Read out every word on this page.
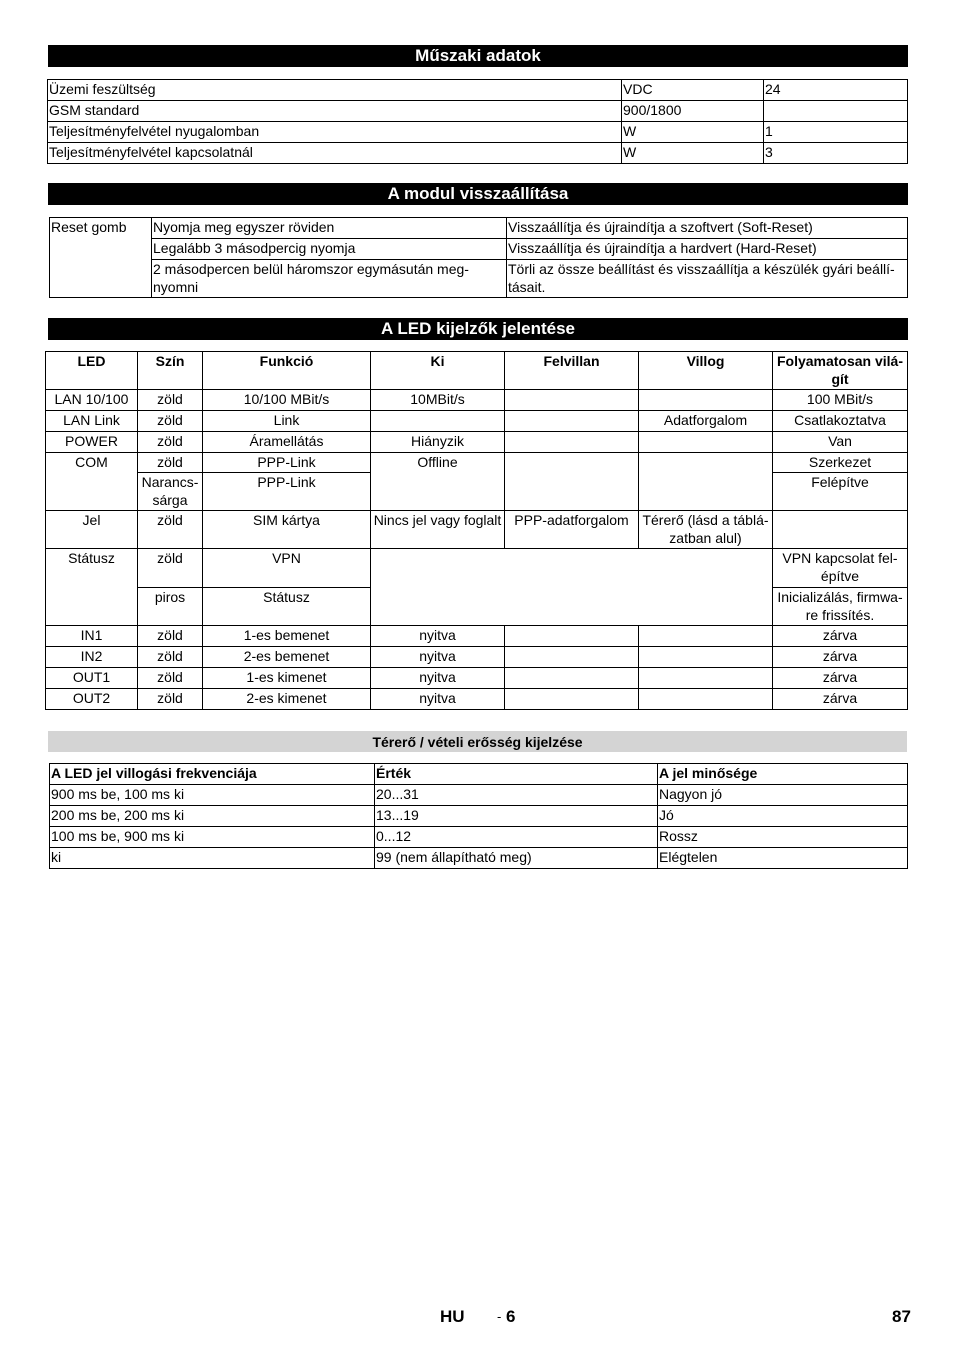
Műszaki adatok
Üzemi feszültség	VDC	24
GSM standard	900/1800	
Teljesítményfelvétel nyugalomban	W	1
Teljesítményfelvétel kapcsolatnál	W	3
A modul visszaállítása
Reset gomb	Nyomja meg egyszer röviden	Visszaállítja és újraindítja a szoftvert (Soft-Reset)
	Legalább 3 másodpercig nyomja	Visszaállítja és újraindítja a hardvert (Hard-Reset)
	2 másodpercen belül háromszor egymásután meg-nyomni	Törli az össze beállítást és visszaállítja a készülék gyári beállí-tásait.
A LED kijelzők jelentése
LED	Szín	Funkció	Ki	Felvillan	Villog	Folyamatosan vilá-gít
LAN 10/100	zöld	10/100 MBit/s	10MBit/s			100 MBit/s
LAN Link	zöld	Link			Adatforgalom	Csatlakoztatva
POWER	zöld	Áramellátás	Hiányzik			Van
COM	zöld	PPP-Link	Offline			Szerkezet
	Narancs-sárga	PPP-Link				Felépítve
Jel	zöld	SIM kártya	Nincs jel vagy foglalt	PPP-adatforgalom	Térerő (lásd a táblá-zatban alul)	
Státusz	zöld	VPN				VPN kapcsolat fel-építve
	piros	Státusz				Inicializálás, firmwa-re frissítés.
IN1	zöld	1-es bemenet	nyitva			zárva
IN2	zöld	2-es bemenet	nyitva			zárva
OUT1	zöld	1-es kimenet	nyitva			zárva
OUT2	zöld	2-es kimenet	nyitva			zárva
Térerő / vételi erősség kijelzése
A LED jel villogási frekvenciája	Érték	A jel minősége
900 ms be, 100 ms ki	20...31	Nagyon jó
200 ms be, 200 ms ki	13...19	Jó
100 ms be, 900 ms ki	0...12	Rossz
ki	99 (nem állapítható meg)	Elégtelen
HU - 6	87
